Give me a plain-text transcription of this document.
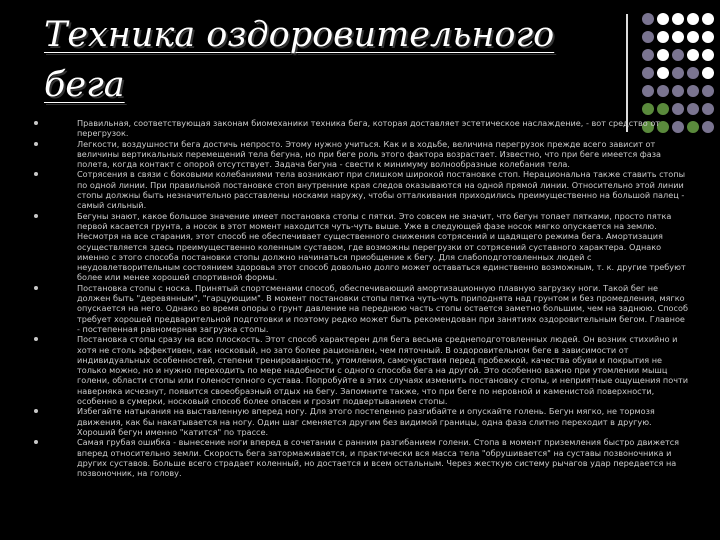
Техника оздоровительного
бега
Правильная, соответствующая законам биомеханики техника бега, которая доставляет эстетическое наслаждение, - вот средство от перегрузок.
Легкости, воздушности бега достичь непросто. Этому нужно учиться. Как и в ходьбе, величина перегрузок прежде всего зависит от величины вертикальных перемещений тела бегуна, но при беге роль этого фактора возрастает. Известно, что при беге имеется фаза полета, когда контакт с опорой отсутствует. Задача бегуна - свести к минимуму волнообразные колебания тела.
Сотрясения в связи с боковыми колебаниями тела возникают при слишком широкой постановке стоп. Нерациональна также ставить стопы по одной линии. При правильной постановке стоп внутренние края следов оказываются на одной прямой линии. Относительно этой линии стопы должны быть незначительно расставлены носками наружу, чтобы отталкивания приходились преимущественно на большой палец - самый сильный.
Бегуны знают, какое большое значение имеет постановка стопы с пятки. Это совсем не значит, что бегун топает пятками, просто пятка первой касается грунта, а носок в этот момент находится чуть-чуть выше. Уже в следующей фазе носок мягко опускается на землю. Несмотря на все старания, этот способ не обеспечивает существенного снижения сотрясений и щадящего режима бега. Амортизация осуществляется здесь преимущественно коленным суставом, где возможны перегрузки от сотрясений суставного характера. Однако именно с этого способа постановки стопы должно начинаться приобщение к бегу. Для слабоподготовленных людей с неудовлетворительным состоянием здоровья этот способ довольно долго может оставаться единственно возможным, т. к. другие требуют более или менее хорошей спортивной формы.
Постановка стопы с носка. Принятый спортсменами способ, обеспечивающий амортизационную плавную загрузку ноги. Такой бег не должен быть "деревянным", "гарцующим". В момент постановки стопы пятка чуть-чуть приподнята над грунтом и без промедления, мягко опускается на него. Однако во время опоры о грунт давление на переднюю часть стопы остается заметно большим, чем на заднюю. Способ требует хорошей предварительной подготовки и поэтому редко может быть рекомендован при занятиях оздоровительным бегом. Главное - постепенная равномерная загрузка стопы.
Постановка стопы сразу на всю плоскость. Этот способ характерен для бега весьма среднеподготовленных людей. Он возник стихийно и хотя не столь эффективен, как носковый, но зато более рационален, чем пяточный. В оздоровительном беге в зависимости от индивидуальных особенностей, степени тренированности, утомления, самочувствия перед пробежкой, качества обуви и покрытия не только можно, но и нужно переходить по мере надобности с одного способа бега на другой. Это особенно важно при утомлении мышц голени, области стопы или голеностопного сустава. Попробуйте в этих случаях изменить постановку стопы, и неприятные ощущения почти наверняка исчезнут, появится своеобразный отдых на бегу. Запомните также, что при беге по неровной и каменистой поверхности, особенно в сумерки, носковый способ более опасен и грозит подвертыванием стопы.
Избегайте натыкания на выставленную вперед ногу. Для этого постепенно разгибайте и опускайте голень. Бегун мягко, не тормозя движения, как бы накатывается на ногу. Один шаг сменяется другим без видимой границы, одна фаза слитно переходит в другую. Хороший бегун именно "катится" по трассе.
Самая грубая ошибка - вынесение ноги вперед в сочетании с ранним разгибанием голени. Стопа в момент приземления быстро движется вперед относительно земли. Скорость бега затормаживается, и практически вся масса тела "обрушивается" на суставы позвоночника и других суставов. Больше всего страдает коленный, но достается и всем остальным. Через жесткую систему рычагов удар передается на позвоночник, на голову.
